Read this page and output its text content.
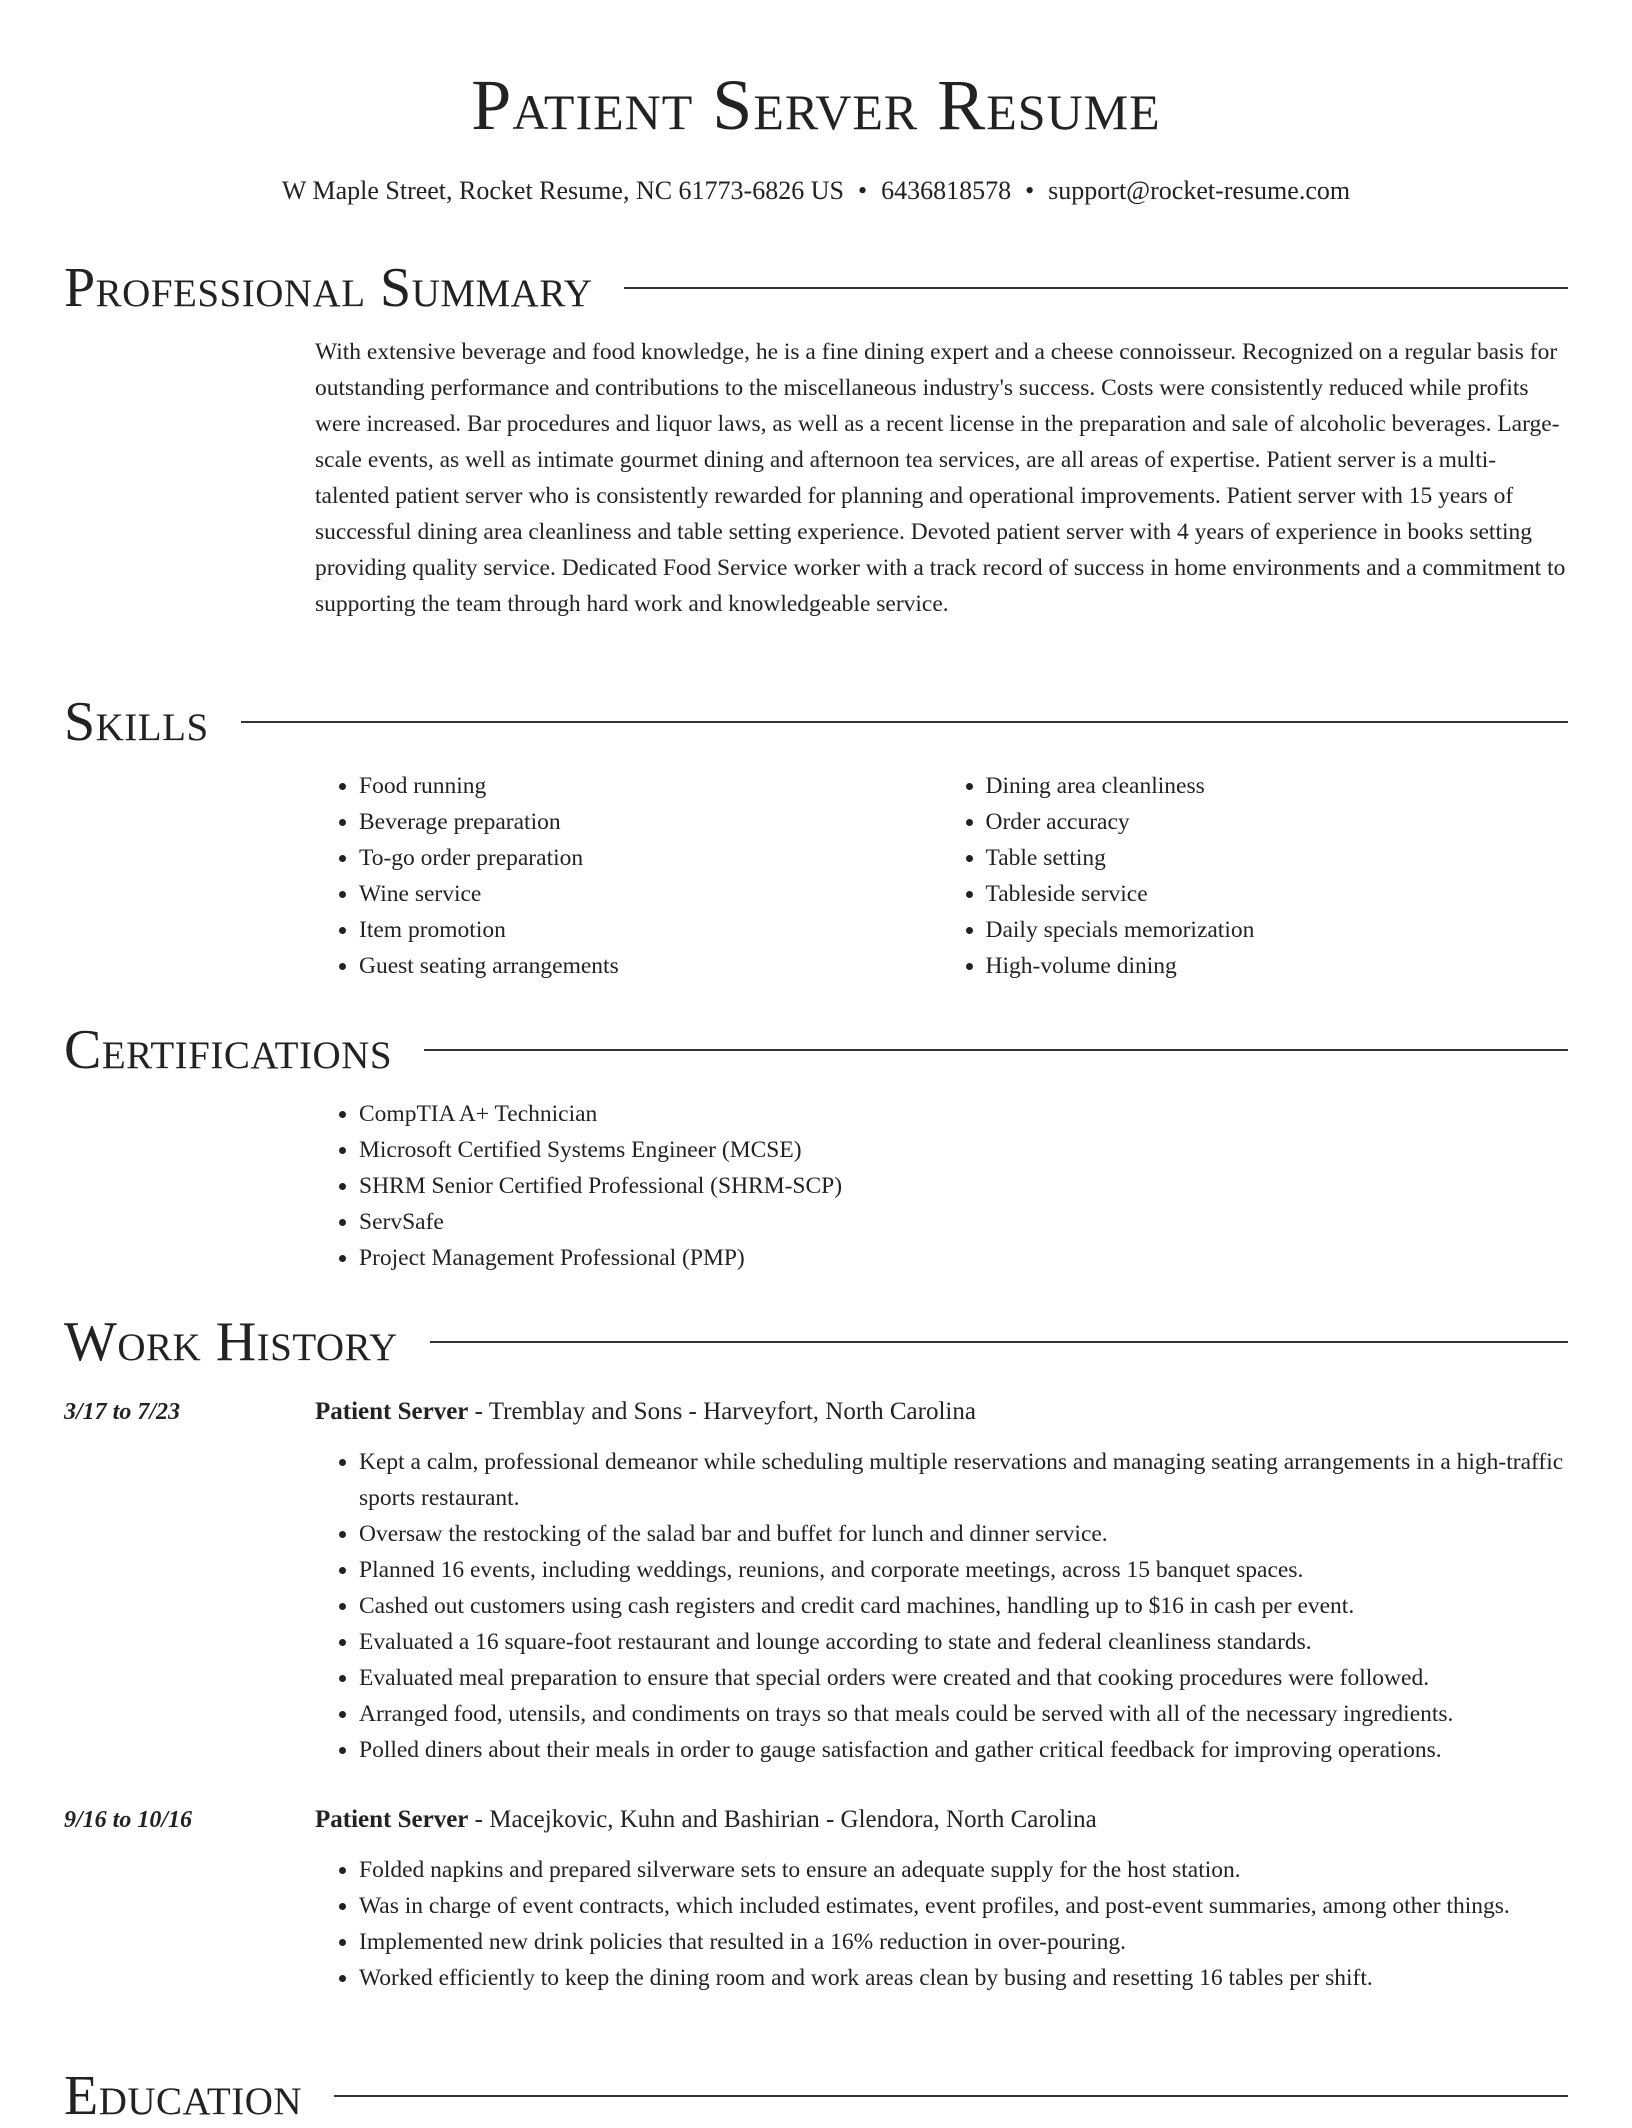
Patient Server Resume
W Maple Street, Rocket Resume, NC 61773-6826 US • 6436818578 • support@rocket-resume.com
Professional Summary

With extensive beverage and food knowledge, he is a fine dining expert and a cheese connoisseur. Recognized on a regular basis for outstanding performance and contributions to the miscellaneous industry's success. Costs were consistently reduced while profits were increased. Bar procedures and liquor laws, as well as a recent license in the preparation and sale of alcoholic beverages. Large-scale events, as well as intimate gourmet dining and afternoon tea services, are all areas of expertise. Patient server is a multi-talented patient server who is consistently rewarded for planning and operational improvements. Patient server with 15 years of successful dining area cleanliness and table setting experience. Devoted patient server with 4 years of experience in books setting providing quality service. Dedicated Food Service worker with a track record of success in home environments and a commitment to supporting the team through hard work and knowledgeable service.

Skills
• Food running
• Beverage preparation
• To-go order preparation
• Wine service
• Item promotion
• Guest seating arrangements
• Dining area cleanliness
• Order accuracy
• Table setting
• Tableside service
• Daily specials memorization
• High-volume dining
Certifications
• CompTIA A+ Technician
• Microsoft Certified Systems Engineer (MCSE)
• SHRM Senior Certified Professional (SHRM-SCP)
• ServSafe
• Project Management Professional (PMP)
Work History
3/17 to 7/23	Patient Server - Tremblay and Sons - Harveyfort, North Carolina
• Kept a calm, professional demeanor while scheduling multiple reservations and managing seating arrangements in a high-traffic sports restaurant.
• Oversaw the restocking of the salad bar and buffet for lunch and dinner service.
• Planned 16 events, including weddings, reunions, and corporate meetings, across 15 banquet spaces.
• Cashed out customers using cash registers and credit card machines, handling up to $16 in cash per event.
• Evaluated a 16 square-foot restaurant and lounge according to state and federal cleanliness standards.
• Evaluated meal preparation to ensure that special orders were created and that cooking procedures were followed.
• Arranged food, utensils, and condiments on trays so that meals could be served with all of the necessary ingredients.
• Polled diners about their meals in order to gauge satisfaction and gather critical feedback for improving operations.
9/16 to 10/16	Patient Server - Macejkovic, Kuhn and Bashirian - Glendora, North Carolina
• Folded napkins and prepared silverware sets to ensure an adequate supply for the host station.
• Was in charge of event contracts, which included estimates, event profiles, and post-event summaries, among other things.
• Implemented new drink policies that resulted in a 16% reduction in over-pouring.
• Worked efficiently to keep the dining room and work areas clean by busing and resetting 16 tables per shift.
Education
